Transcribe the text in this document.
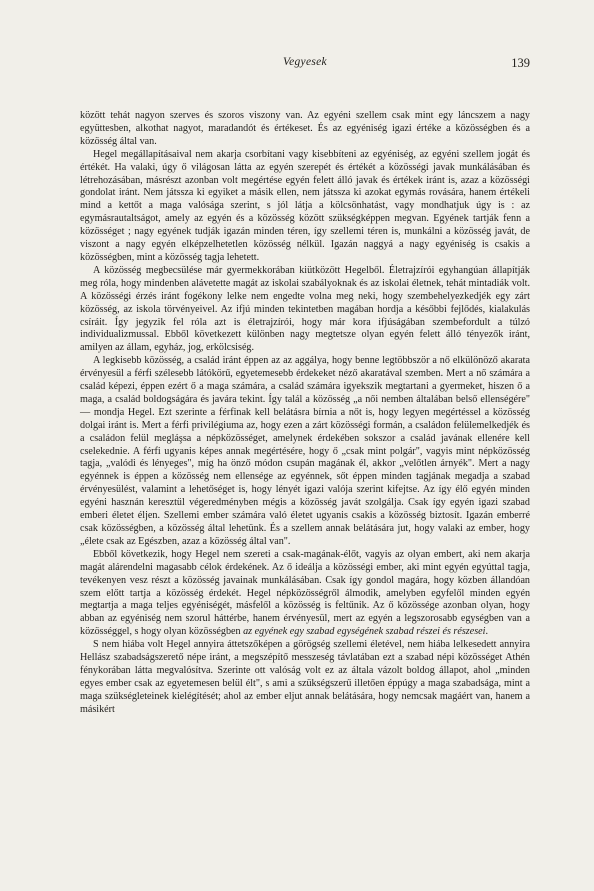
Vegyesek	139

között tehát nagyon szerves és szoros viszony van. Az egyéni szellem csak mint egy láncszem a nagy együttesben, alkothat nagyot, maradandót és értékeset. És az egyéniség igazi értéke a közösségben és a közösség által van.

Hegel megállapításaival nem akarja csorbítani vagy kisebbíteni az egyéniség, az egyéni szellem jogát és értékét. Ha valaki, úgy ő világosan látta az egyén szerepét és értékét a közösségi javak munkálásában és létrehozásában, másrészt azonban volt megértése egyén felett álló javak és értékek iránt is, azaz a közösségi gondolat iránt. Nem játssza ki egyiket a másik ellen, nem játssza ki azokat egymás rovására, hanem értékeli mind a kettőt a maga valósága szerint, s jól látja a kölcsönhatást, vagy mondhatjuk úgy is : az egymásrautaltságot, amely az egyén és a közösség között szükségképpen megvan. Egyének tartják fenn a közösséget ; nagy egyének tudják igazán minden téren, így szellemi téren is, munkálni a közösség javát, de viszont a nagy egyén elképzelhetetlen közösség nélkül. Igazán naggyá a nagy egyéniség is csakis a közösségben, mint a közösség tagja lehetett.

A közösség megbecsülése már gyermekkorában kiütközött Hegelből. Életrajzírói egyhangúan állapítják meg róla, hogy mindenben alávetette magát az iskolai szabályoknak és az iskolai életnek, tehát mintadiák volt. A közösségi érzés iránt fogékony lelke nem engedte volna meg neki, hogy szembehelyezkedjék egy zárt közösség, az iskola törvényeivel. Az ifjú minden tekintetben magában hordja a későbbi fejlődés, kialakulás csíráit. Így jegyzik fel róla azt is életrajzírói, hogy már kora ifjúságában szembefordult a túlzó individualizmussal. Ebből következett különben nagy megtetsze olyan egyén felett álló tényezők iránt, amilyen az állam, egyház, jog, erkölcsiség.

A legkisebb közösség, a család iránt éppen az az aggálya, hogy benne legtöbbször a nő elkülönöző akarata érvényesül a férfi szélesebb látókörű, egyetemesebb érdekeket néző akaratával szemben. Mert a nő számára a család képezi, éppen ezért ő a maga számára, a család számára igyekszik megtartani a gyermeket, hiszen ő a maga, a család boldogságára és javára tekint. Így talál a közösség „a női nemben általában belső ellenségére" — mondja Hegel. Ezt szerinte a férfinak kell belátásra bírnia a nőt is, hogy legyen megértéssel a közösség dolgai iránt is. Mert a férfi privilégiuma az, hogy ezen a zárt közösségi formán, a családon felülemelkedjék és a családon felül megláşsa a népközösséget, amelynek érdekében sokszor a család javának ellenére kell cselekednie. A férfi ugyanis képes annak megértésére, hogy ő „csak mint polgár", vagyis mint népközösség tagja, „valódi és lényeges", míg ha önző módon csupán magának él, akkor „velőtlen árnyék". Mert a nagy egyénnek is éppen a közösség nem ellensége az egyénnek, sőt éppen minden tagjának megadja a szabad érvényesülést, valamint a lehetőséget is, hogy lényét igazi valója szerint kifejtse. Az így élő egyén minden egyéni hasznán keresztül végeredményben mégis a közösség javát szolgálja. Csak így egyén igazi szabad emberi életet éljen. Szellemi ember számára való életet ugyanis csakis a közösség biztosít. Igazán emberré csak közösségben, a közösség által lehetünk. És a szellem annak belátására jut, hogy valaki az ember, hogy „élete csak az Egészben, azaz a közösség által van".

Ebből következik, hogy Hegel nem szereti a csak-magának-élőt, vagyis az olyan embert, aki nem akarja magát alárendelni magasabb célok érdekének. Az ő ideálja a közösségi ember, aki mint egyén egyúttal tagja, tevékenyen vesz részt a közösség javainak munkálásában. Csak így gondol magára, hogy közben állandóan szem előtt tartja a közösség érdekét. Hegel népközösségről álmodik, amelyben egyfelől minden egyén megtartja a maga teljes egyéniségét, másfelől a közösség is feltűnik. Az ő közössége azonban olyan, hogy abban az egyéniség nem szorul háttérbe, hanem érvényesül, mert az egyén a legszorosabb egységben van a közösséggel, s hogy olyan közösségben az egyének egy szabad egységének szabad részei és részesei.

S nem hiába volt Hegel annyira áttetszőképen a görögség szellemi életével, nem hiába lelkesedett annyira Hellász szabadságszerető népe iránt, a megszépítő messzeség távlatában ezt a szabad népi közösséget Athén fénykorában látta megvalósítva. Szerinte ott valóság volt ez az általa vázolt boldog állapot, ahol „minden egyes ember csak az egyetemesen belül élt", s ami a szükségszerű illetően éppúgy a maga szabadsága, mint a maga szükségleteinek kielégítését; ahol az ember eljut annak belátására, hogy nemcsak magáért van, hanem a másikért
